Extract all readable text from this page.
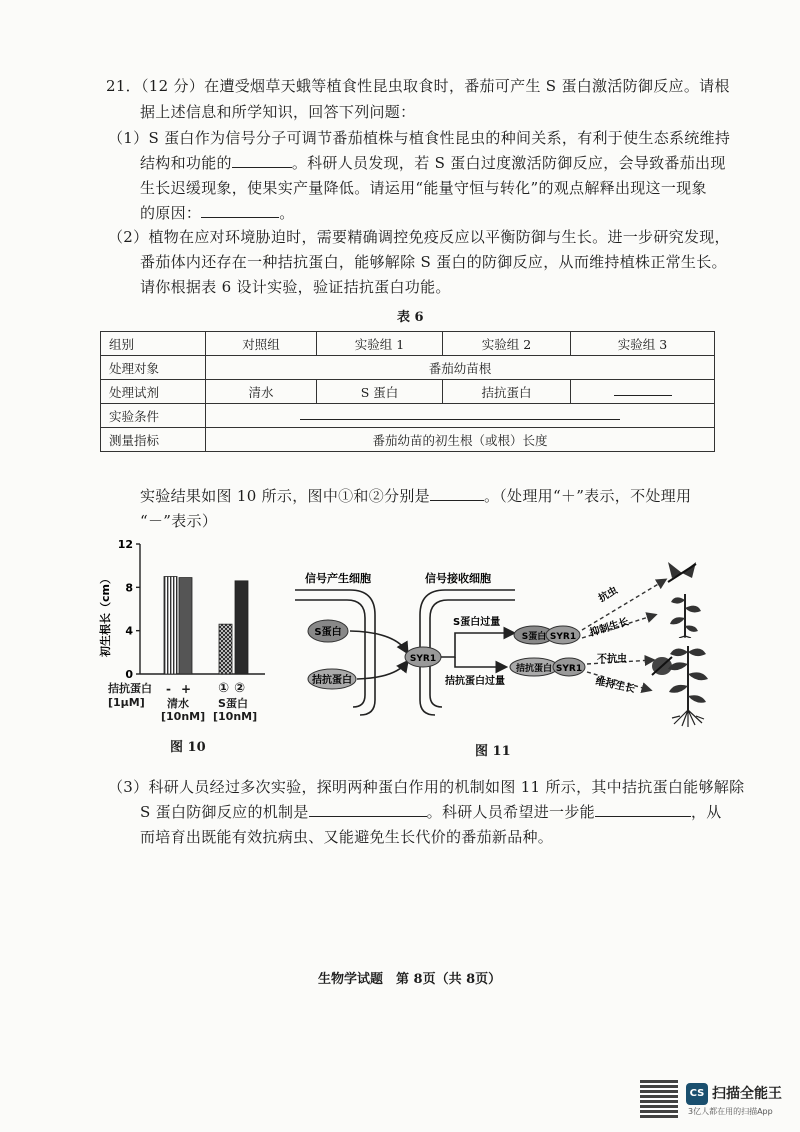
21．（12 分）在遭受烟草天蛾等植食性昆虫取食时，番茄可产生 S 蛋白激活防御反应。请根
据上述信息和所学知识，回答下列问题：
（1）S 蛋白作为信号分子可调节番茄植株与植食性昆虫的种间关系，有利于使生态系统维持
结构和功能的	。科研人员发现，若 S 蛋白过度激活防御反应，会导致番茄出现
生长迟缓现象，使果实产量降低。请运用“能量守恒与转化”的观点解释出现这一现象
的原因：	。
（2）植物在应对环境胁迫时，需要精确调控免疫反应以平衡防御与生长。进一步研究发现，
番茄体内还存在一种拮抗蛋白，能够解除 S 蛋白的防御反应，从而维持植株正常生长。
请你根据表 6 设计实验，验证拮抗蛋白功能。
表 6
组别	对照组	实验组 1	实验组 2	实验组 3
处理对象	番茄幼苗根			
处理试剂	清水	S 蛋白	拮抗蛋白	
实验条件				
测量指标	番茄幼苗的初生根（或根）长度			
实验结果如图 10 所示，图中①和②分别是	。（处理用“＋”表示，不处理用
“－”表示）
0
4
8
12
初生根长（cm）
拮抗蛋白
[1μM]
- +
清水
[10nM]
① ②
S蛋白
[10nM]
图 10
信号产生细胞	信号接收细胞
S蛋白
拮抗蛋白
SYR1
S蛋白过量
拮抗蛋白过量
S蛋白 SYR1
拮抗蛋白 SYR1
抗虫
抑制生长
不抗虫
维持生长
图 11
（3）科研人员经过多次实验，探明两种蛋白作用的机制如图 11 所示，其中拮抗蛋白能够解除
S 蛋白防御反应的机制是	。科研人员希望进一步能	，从
而培育出既能有效抗病虫、又能避免生长代价的番茄新品种。
生物学试题　第 8页（共 8页）
CS 扫描全能王
3亿人都在用的扫描App
